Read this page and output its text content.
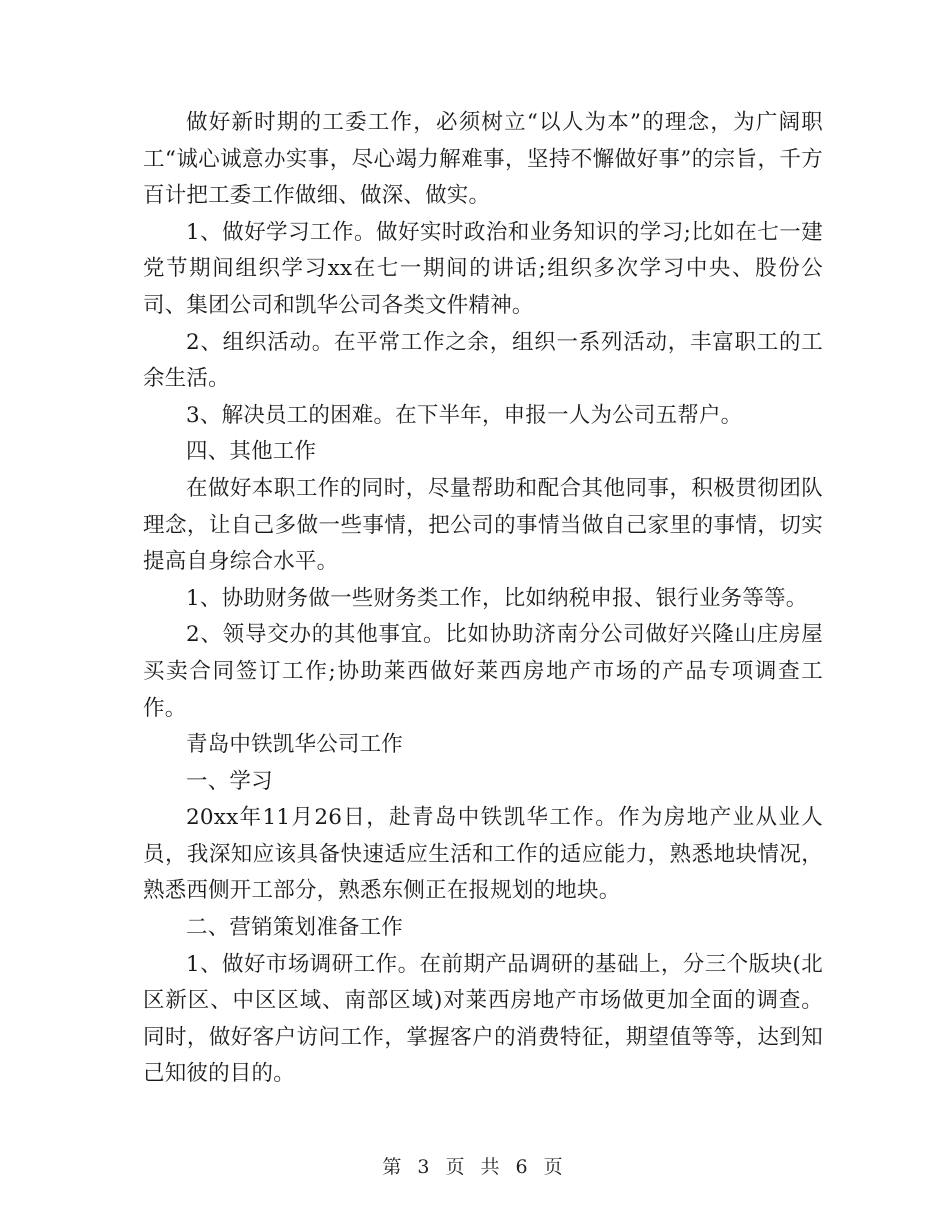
做好新时期的工委工作，必须树立“以人为本”的理念，为广阔职工“诚心诚意办实事，尽心竭力解难事，坚持不懈做好事”的宗旨，千方百计把工委工作做细、做深、做实。

1、做好学习工作。做好实时政治和业务知识的学习;比如在七一建党节期间组织学习xx在七一期间的讲话;组织多次学习中央、股份公司、集团公司和凯华公司各类文件精神。

2、组织活动。在平常工作之余，组织一系列活动，丰富职工的工余生活。

3、解决员工的困难。在下半年，申报一人为公司五帮户。

四、其他工作

在做好本职工作的同时，尽量帮助和配合其他同事，积极贯彻团队理念，让自己多做一些事情，把公司的事情当做自己家里的事情，切实提高自身综合水平。

1、协助财务做一些财务类工作，比如纳税申报、银行业务等等。

2、领导交办的其他事宜。比如协助济南分公司做好兴隆山庄房屋买卖合同签订工作;协助莱西做好莱西房地产市场的产品专项调查工作。

青岛中铁凯华公司工作

一、学习

20xx年11月26日，赴青岛中铁凯华工作。作为房地产业从业人员，我深知应该具备快速适应生活和工作的适应能力，熟悉地块情况，熟悉西侧开工部分，熟悉东侧正在报规划的地块。

二、营销策划准备工作

1、做好市场调研工作。在前期产品调研的基础上，分三个版块(北区新区、中区区域、南部区域)对莱西房地产市场做更加全面的调查。同时，做好客户访问工作，掌握客户的消费特征，期望值等等，达到知己知彼的目的。

第 3 页 共 6 页
